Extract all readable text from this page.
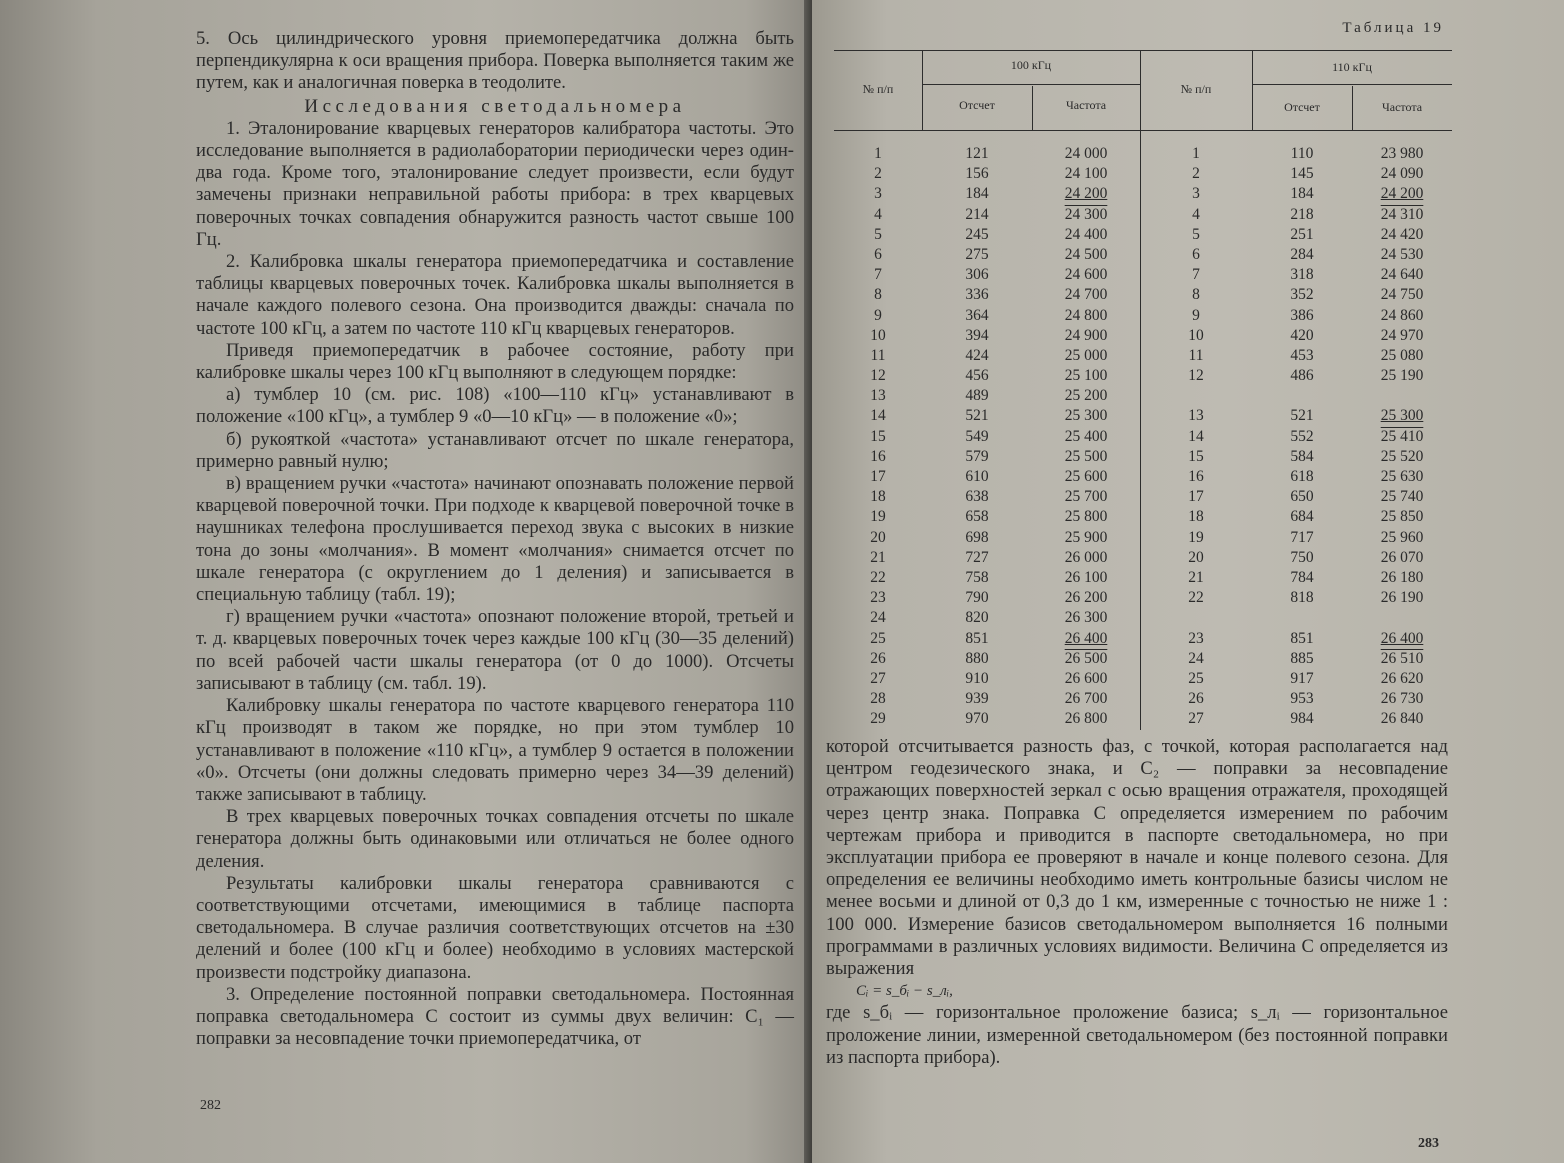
5. Ось цилиндрического уровня приемопередатчика должна быть перпендикулярна к оси вращения прибора. Поверка выполняется таким же путем, как и аналогичная поверка в теодолите.

Исследования светодальномера

1. Эталонирование кварцевых генераторов калибратора частоты. Это исследование выполняется в радиолаборатории периодически через один-два года. Кроме того, эталонирование следует произвести, если будут замечены признаки неправильной работы прибора: в трех кварцевых поверочных точках совпадения обнаружится разность частот свыше 100 Гц.

2. Калибровка шкалы генератора приемопередатчика и составление таблицы кварцевых поверочных точек. Калибровка шкалы выполняется в начале каждого полевого сезона. Она производится дважды: сначала по частоте 100 кГц, а затем по частоте 110 кГц кварцевых генераторов.

Приведя приемопередатчик в рабочее состояние, работу при калибровке шкалы через 100 кГц выполняют в следующем порядке:

а) тумблер 10 (см. рис. 108) «100—110 кГц» устанавливают в положение «100 кГц», а тумблер 9 «0—10 кГц» — в положение «0»;

б) рукояткой «частота» устанавливают отсчет по шкале генератора, примерно равный нулю;

в) вращением ручки «частота» начинают опознавать положение первой кварцевой поверочной точки. При подходе к кварцевой поверочной точке в наушниках телефона прослушивается переход звука с высоких в низкие тона до зоны «молчания». В момент «молчания» снимается отсчет по шкале генератора (с округлением до 1 деления) и записывается в специальную таблицу (табл. 19);

г) вращением ручки «частота» опознают положение второй, третьей и т. д. кварцевых поверочных точек через каждые 100 кГц (30—35 делений) по всей рабочей части шкалы генератора (от 0 до 1000). Отсчеты записывают в таблицу (см. табл. 19).

Калибровку шкалы генератора по частоте кварцевого генератора 110 кГц производят в таком же порядке, но при этом тумблер 10 устанавливают в положение «110 кГц», а тумблер 9 остается в положении «0». Отсчеты (они должны следовать примерно через 34—39 делений) также записывают в таблицу.

В трех кварцевых поверочных точках совпадения отсчеты по шкале генератора должны быть одинаковыми или отличаться не более одного деления.

Результаты калибровки шкалы генератора сравниваются с соответствующими отсчетами, имеющимися в таблице паспорта светодальномера. В случае различия соответствующих отсчетов на ±30 делений и более (100 кГц и более) необходимо в условиях мастерской произвести подстройку диапазона.

3. Определение постоянной поправки светодальномера. Постоянная поправка светодальномера C состоит из суммы двух величин: C₁ — поправки за несовпадение точки приемопередатчика, от

282
Таблица 19
№ п/п
100 кГц
Отсчет	Частота
№ п/п
110 кГц
Отсчет	Частота
1
2
3
4
5
6
7
8
9
10
11
12
13
14
15
16
17
18
19
20
21
22
23
24
25
26
27
28
29
121
156
184
214
245
275
306
336
364
394
424
456
489
521
549
579
610
638
658
698
727
758
790
820
851
880
910
939
970
24 000
24 100
24 200
24 300
24 400
24 500
24 600
24 700
24 800
24 900
25 000
25 100
25 200
25 300
25 400
25 500
25 600
25 700
25 800
25 900
26 000
26 100
26 200
26 300
26 400
26 500
26 600
26 700
26 800
1
2
3
4
5
6
7
8
9
10
11
12
13
14
15
16
17
18
19
20
21
22
23
24
25
26
27
110
145
184
218
251
284
318
352
386
420
453
486
521
552
584
618
650
684
717
750
784
818
851
885
917
953
984
23 980
24 090
24 200
24 310
24 420
24 530
24 640
24 750
24 860
24 970
25 080
25 190
25 300
25 410
25 520
25 630
25 740
25 850
25 960
26 070
26 180
26 190
26 400
26 510
26 620
26 730
26 840

которой отсчитывается разность фаз, с точкой, которая располагается над центром геодезического знака, и C₂ — поправки за несовпадение отражающих поверхностей зеркал с осью вращения отражателя, проходящей через центр знака. Поправка C определяется измерением по рабочим чертежам прибора и приводится в паспорте светодальномера, но при эксплуатации прибора ее проверяют в начале и конце полевого сезона. Для определения ее величины необходимо иметь контрольные базисы числом не менее восьми и длиной от 0,3 до 1 км, измеренные с точностью не ниже 1 : 100 000. Измерение базисов светодальномером выполняется 16 полными программами в различных условиях видимости. Величина C определяется из выражения

Cᵢ = s_бᵢ − s_лᵢ,

где s_бᵢ — горизонтальное проложение базиса; s_лᵢ — горизонтальное проложение линии, измеренной светодальномером (без постоянной поправки из паспорта прибора).

283
